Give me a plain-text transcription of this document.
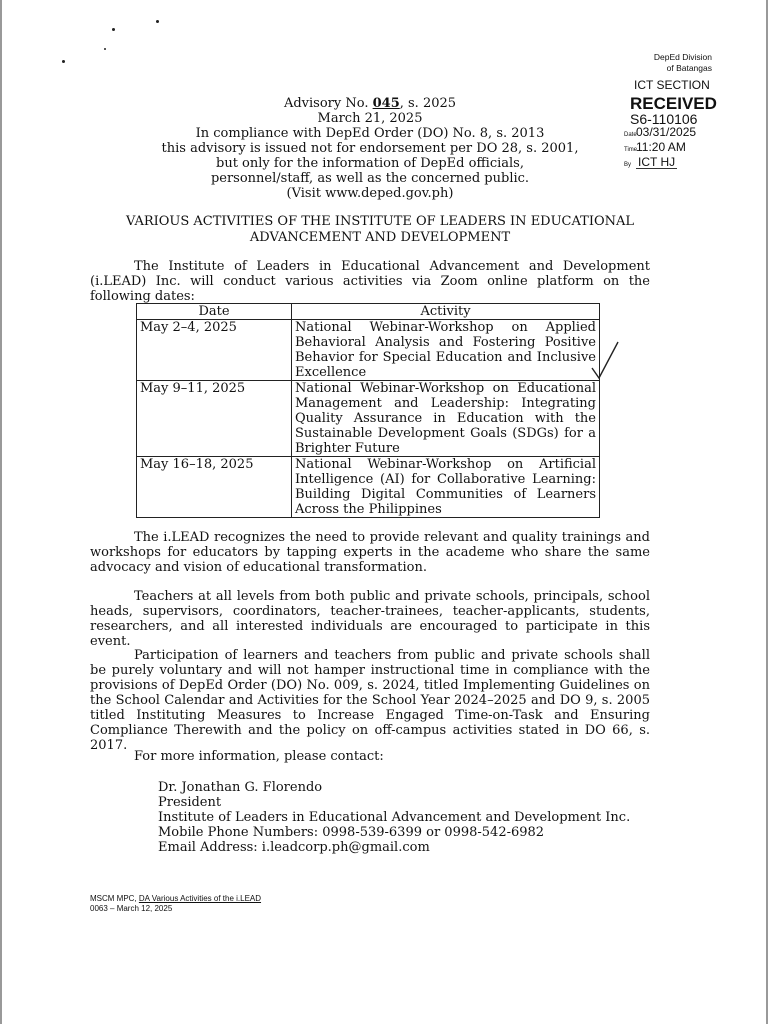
DepEd Division
of Batangas
ICT SECTION
RECEIVED
S6-110106
Date 03/31/2025
Time
11:20 AM
By ICT HJ
Advisory No. 045, s. 2025
March 21, 2025
In compliance with DepEd Order (DO) No. 8, s. 2013
this advisory is issued not for endorsement per DO 28, s. 2001,
but only for the information of DepEd officials,
personnel/staff, as well as the concerned public.
(Visit www.deped.gov.ph)
VARIOUS ACTIVITIES OF THE INSTITUTE OF LEADERS IN EDUCATIONAL
ADVANCEMENT AND DEVELOPMENT

The Institute of Leaders in Educational Advancement and Development (i.LEAD) Inc. will conduct various activities via Zoom online platform on the following dates:

Date	Activity
May 2–4, 2025	National Webinar-Workshop on Applied Behavioral Analysis and Fostering Positive Behavior for Special Education and Inclusive Excellence
May 9–11, 2025	National Webinar-Workshop on Educational Management and Leadership: Integrating Quality Assurance in Education with the Sustainable Development Goals (SDGs) for a Brighter Future
May 16–18, 2025	National Webinar-Workshop on Artificial Intelligence (AI) for Collaborative Learning: Building Digital Communities of Learners Across the Philippines

The i.LEAD recognizes the need to provide relevant and quality trainings and workshops for educators by tapping experts in the academe who share the same advocacy and vision of educational transformation.

Teachers at all levels from both public and private schools, principals, school heads, supervisors, coordinators, teacher-trainees, teacher-applicants, students, researchers, and all interested individuals are encouraged to participate in this event.

Participation of learners and teachers from public and private schools shall be purely voluntary and will not hamper instructional time in compliance with the provisions of DepEd Order (DO) No. 009, s. 2024, titled Implementing Guidelines on the School Calendar and Activities for the School Year 2024–2025 and DO 9, s. 2005 titled Instituting Measures to Increase Engaged Time-on-Task and Ensuring Compliance Therewith and the policy on off-campus activities stated in DO 66, s. 2017.

For more information, please contact:

Dr. Jonathan G. Florendo
President
Institute of Leaders in Educational Advancement and Development Inc.
Mobile Phone Numbers: 0998-539-6399 or 0998-542-6982
Email Address: i.leadcorp.ph@gmail.com
MSCM MPC, DA Various Activities of the i.LEAD
0063 – March 12, 2025
